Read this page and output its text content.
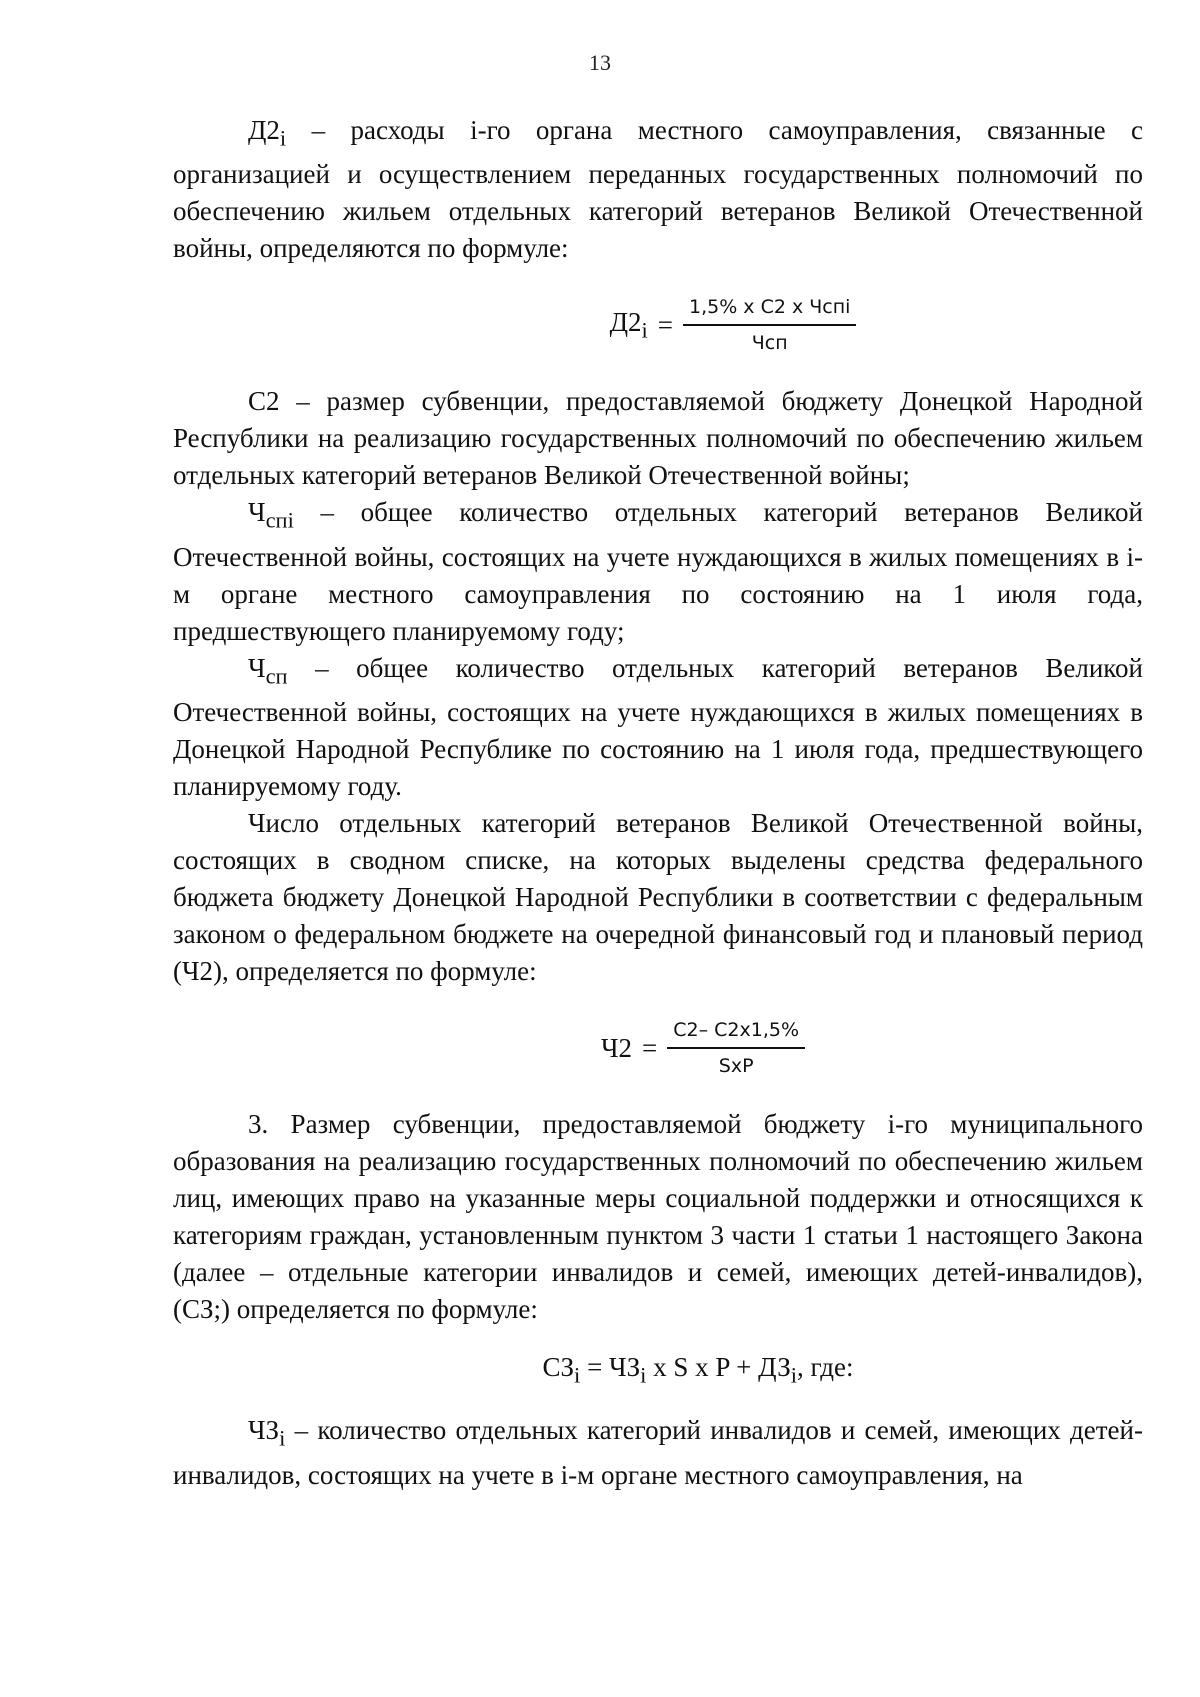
13

$Д2_i$ – расходы i-го органа местного самоуправления, связанные с организацией и осуществлением переданных государственных полномочий по обеспечению жильем отдельных категорий ветеранов Великой Отечественной войны, определяются по формуле:

$Д2_i = \frac{\text{1,5\% x C2 x Чспi}}{\text{Чсп}}$

С2 – размер субвенции, предоставляемой бюджету Донецкой Народной Республики на реализацию государственных полномочий по обеспечению жильем отдельных категорий ветеранов Великой Отечественной войны;

$Ч_{спi}$ – общее количество отдельных категорий ветеранов Великой Отечественной войны, состоящих на учете нуждающихся в жилых помещениях в i-м органе местного самоуправления по состоянию на 1 июля года, предшествующего планируемому году;

$Ч_{сп}$ – общее количество отдельных категорий ветеранов Великой Отечественной войны, состоящих на учете нуждающихся в жилых помещениях в Донецкой Народной Республике по состоянию на 1 июля года, предшествующего планируемому году.

Число отдельных категорий ветеранов Великой Отечественной войны, состоящих в сводном списке, на которых выделены средства федерального бюджета бюджету Донецкой Народной Республики в соответствии с федеральным законом о федеральном бюджете на очередной финансовый год и плановый период (Ч2), определяется по формуле:

$Ч2 = \frac{С2- С2x1,5\%}{\text{SxP}}$

3. Размер субвенции, предоставляемой бюджету i-го муниципального образования на реализацию государственных полномочий по обеспечению жильем лиц, имеющих право на указанные меры социальной поддержки и относящихся к категориям граждан, установленным пунктом 3 части 1 статьи 1 настоящего Закона (далее – отдельные категории инвалидов и семей, имеющих детей-инвалидов), (СЗ;) определяется по формуле:

$СЗ_i = ЧЗ_i$ x S x $P + ДЗ_i$, где:

$ЧЗ_i$ – количество отдельных категорий инвалидов и семей, имеющих детей-инвалидов, состоящих на учете в i-м органе местного самоуправления, на
